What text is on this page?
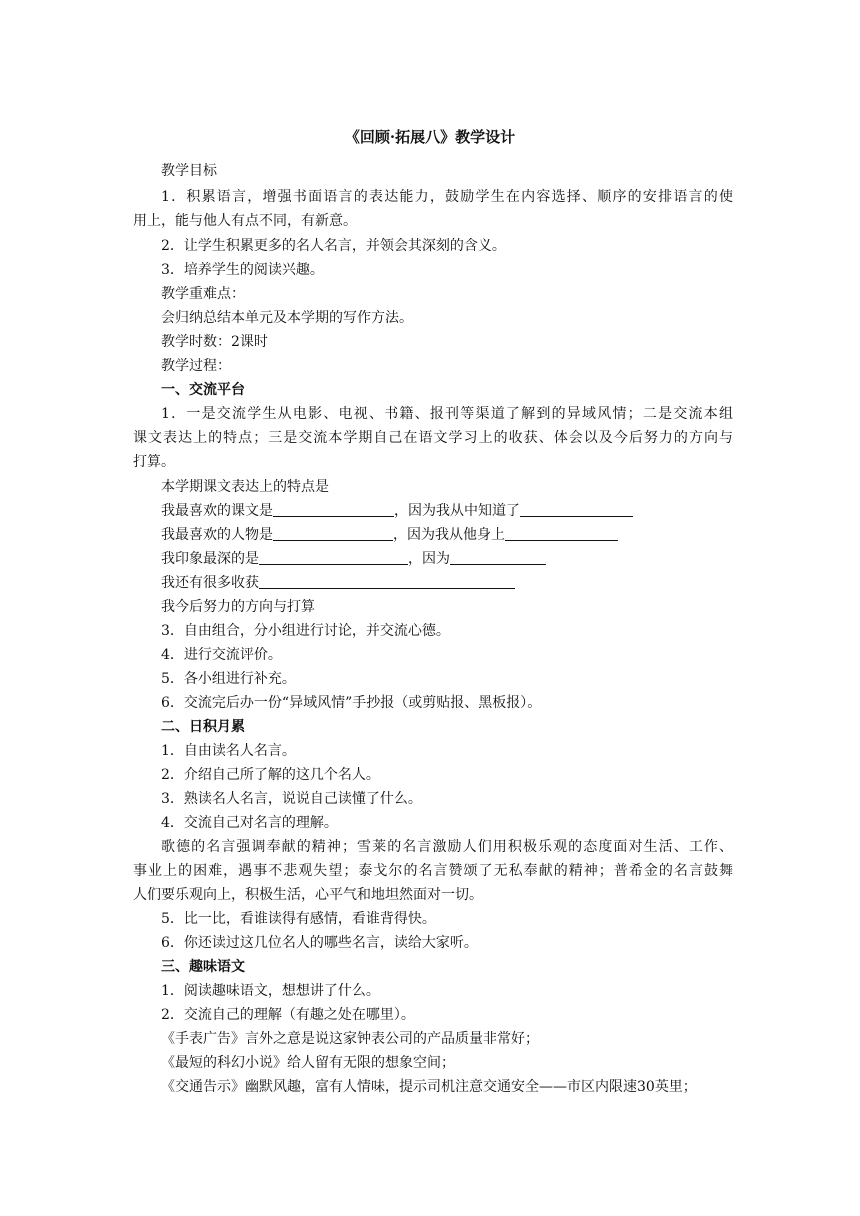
《回顾·拓展八》教学设计
教学目标
1．积累语言，增强书面语言的表达能力，鼓励学生在内容选择、顺序的安排语言的使
用上，能与他人有点不同，有新意。
2．让学生积累更多的名人名言，并领会其深刻的含义。
3．培养学生的阅读兴趣。
教学重难点：
会归纳总结本单元及本学期的写作方法。
教学时数：2课时
教学过程：
一、交流平台
1．一是交流学生从电影、电视、书籍、报刊等渠道了解到的异域风情；二是交流本组
课文表达上的特点；三是交流本学期自己在语文学习上的收获、体会以及今后努力的方向与
打算。
本学期课文表达上的特点是
我最喜欢的课文是	，因为我从中知道了
我最喜欢的人物是	，因为我从他身上
我印象最深的是	，因为
我还有很多收获
我今后努力的方向与打算
3．自由组合，分小组进行讨论，并交流心德。
4．进行交流评价。
5．各小组进行补充。
6．交流完后办一份“异域风情”手抄报（或剪贴报、黑板报）。
二、日积月累
1．自由读名人名言。
2．介绍自己所了解的这几个名人。
3．熟读名人名言，说说自己读懂了什么。
4．交流自己对名言的理解。
歌德的名言强调奉献的精神；雪莱的名言激励人们用积极乐观的态度面对生活、工作、
事业上的困难，遇事不悲观失望；泰戈尔的名言赞颂了无私奉献的精神；普希金的名言鼓舞
人们要乐观向上，积极生活，心平气和地坦然面对一切。
5．比一比，看谁读得有感情，看谁背得快。
6．你还读过这几位名人的哪些名言，读给大家听。
三、趣味语文
1．阅读趣味语文，想想讲了什么。
2．交流自己的理解（有趣之处在哪里）。
《手表广告》言外之意是说这家钟表公司的产品质量非常好；
《最短的科幻小说》给人留有无限的想象空间；
《交通告示》幽默风趣，富有人情味，提示司机注意交通安全——市区内限速30英里；
